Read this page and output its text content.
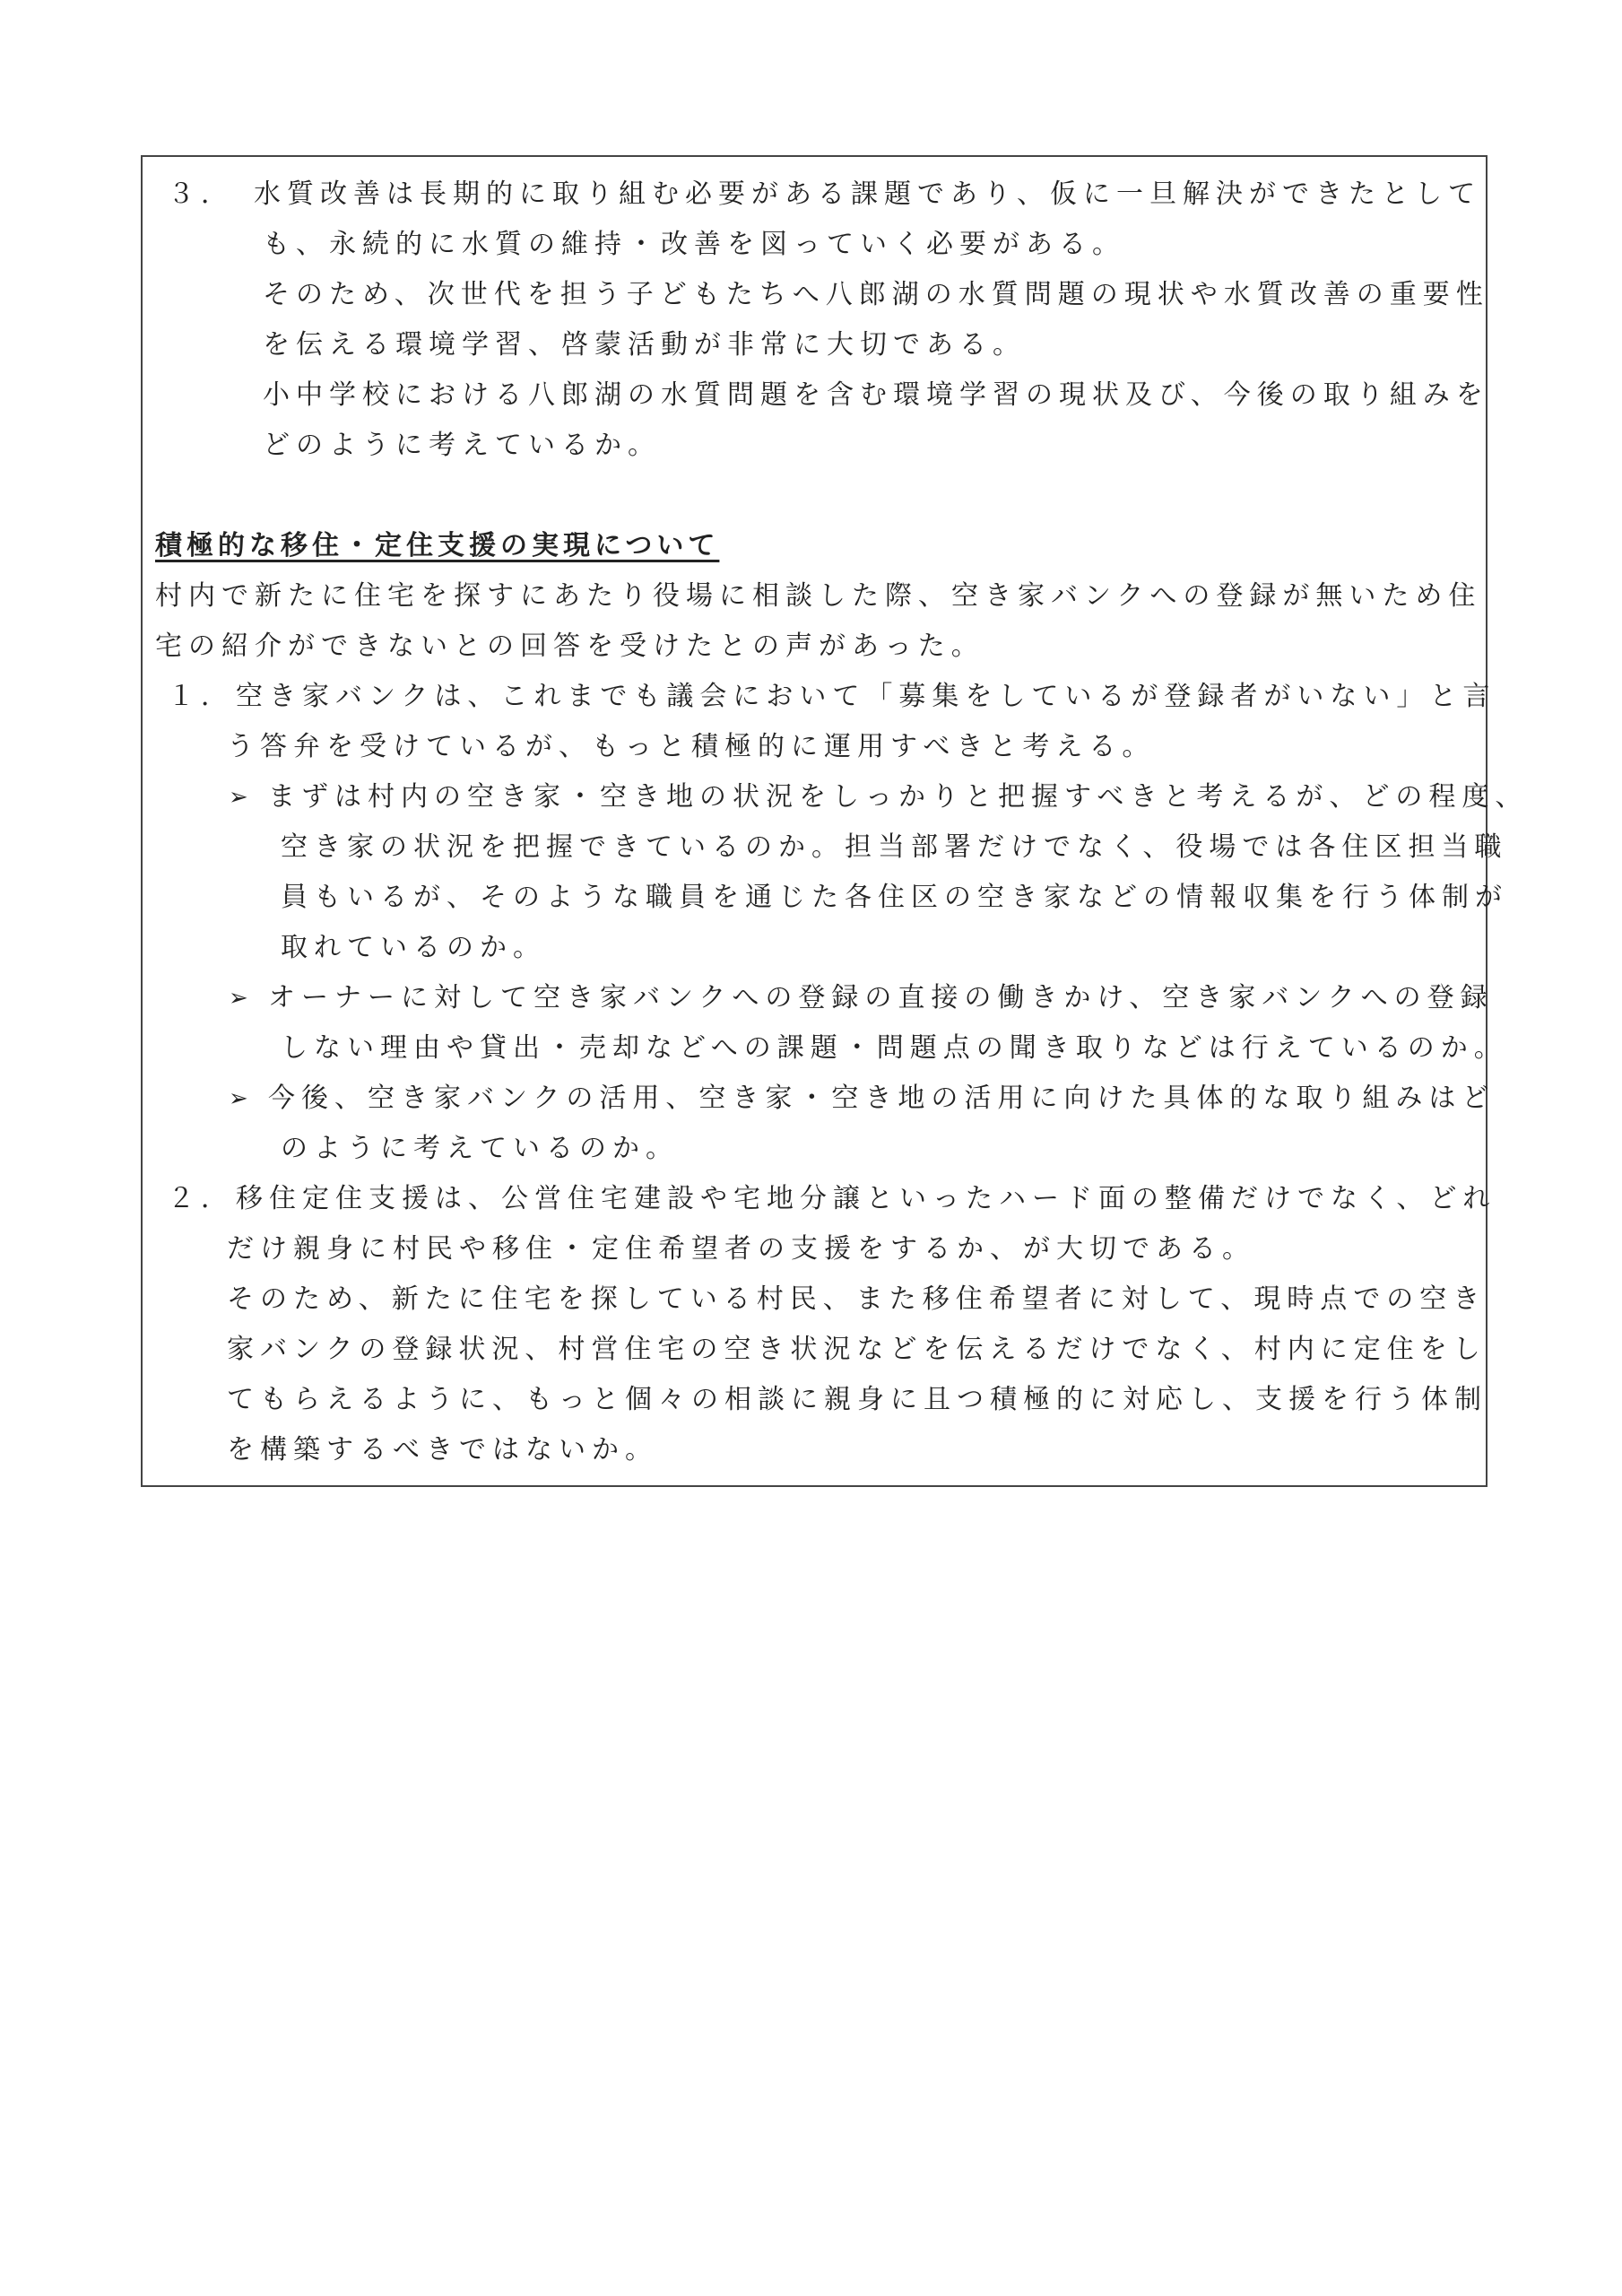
３． 水質改善は長期的に取り組む必要がある課題であり、仮に一旦解決ができたとして
も、永続的に水質の維持・改善を図っていく必要がある。
そのため、次世代を担う子どもたちへ八郎湖の水質問題の現状や水質改善の重要性
を伝える環境学習、啓蒙活動が非常に大切である。
小中学校における八郎湖の水質問題を含む環境学習の現状及び、今後の取り組みを
どのように考えているか。
積極的な移住・定住支援の実現について
村内で新たに住宅を探すにあたり役場に相談した際、空き家バンクへの登録が無いため住
宅の紹介ができないとの回答を受けたとの声があった。
１． 空き家バンクは、これまでも議会において「募集をしているが登録者がいない」と言
う答弁を受けているが、もっと積極的に運用すべきと考える。
➢ まずは村内の空き家・空き地の状況をしっかりと把握すべきと考えるが、どの程度、
空き家の状況を把握できているのか。担当部署だけでなく、役場では各住区担当職
員もいるが、そのような職員を通じた各住区の空き家などの情報収集を行う体制が
取れているのか。
➢ オーナーに対して空き家バンクへの登録の直接の働きかけ、空き家バンクへの登録
しない理由や貸出・売却などへの課題・問題点の聞き取りなどは行えているのか。
➢ 今後、空き家バンクの活用、空き家・空き地の活用に向けた具体的な取り組みはど
のように考えているのか。
２． 移住定住支援は、公営住宅建設や宅地分譲といったハード面の整備だけでなく、どれ
だけ親身に村民や移住・定住希望者の支援をするか、が大切である。
そのため、新たに住宅を探している村民、また移住希望者に対して、現時点での空き
家バンクの登録状況、村営住宅の空き状況などを伝えるだけでなく、村内に定住をし
てもらえるように、もっと個々の相談に親身に且つ積極的に対応し、支援を行う体制
を構築するべきではないか。
